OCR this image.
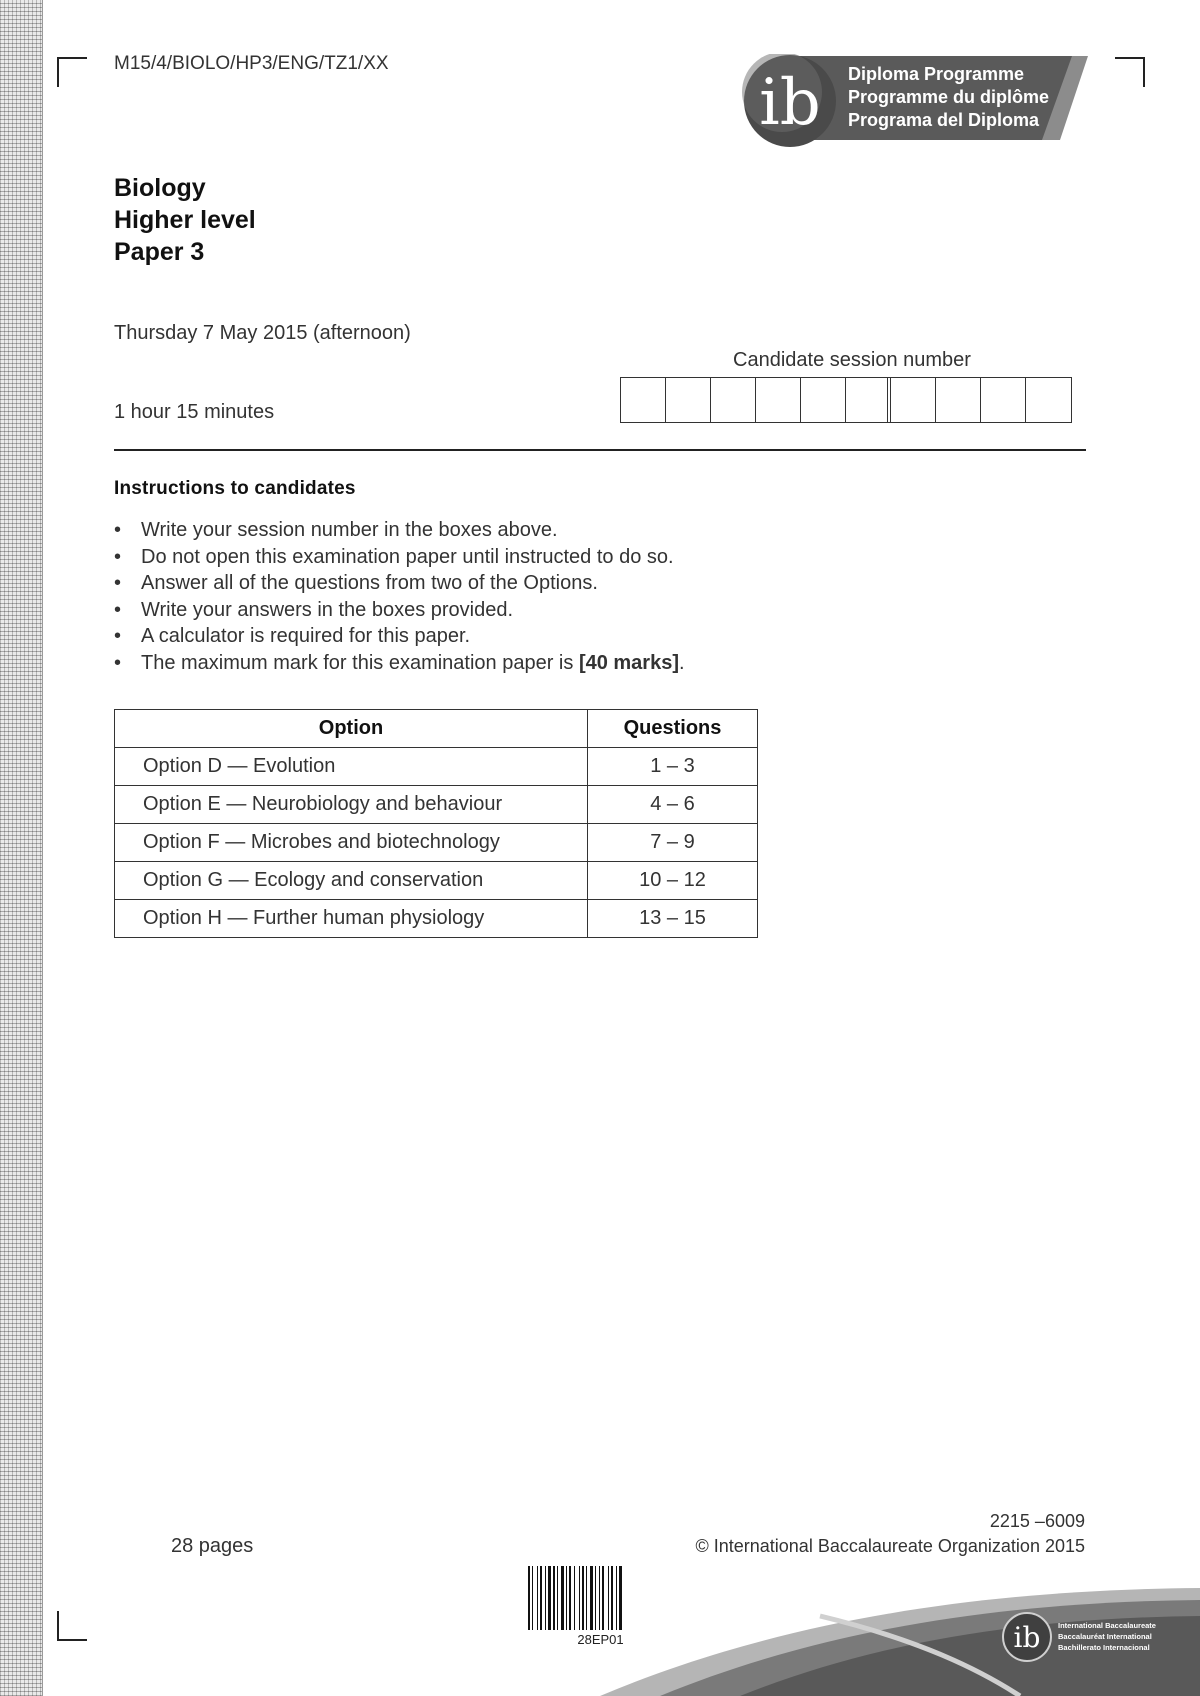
M15/4/BIOLO/HP3/ENG/TZ1/XX
ib Diploma Programme
Programme du diplôme
Programa del Diploma
Biology
Higher level
Paper 3
Thursday 7 May 2015 (afternoon)
1 hour 15 minutes
Candidate session number
Instructions to candidates
• Write your session number in the boxes above.
• Do not open this examination paper until instructed to do so.
• Answer all of the questions from two of the Options.
• Write your answers in the boxes provided.
• A calculator is required for this paper.
• The maximum mark for this examination paper is [40 marks].
Option	Questions
Option D — Evolution	1 – 3
Option E — Neurobiology and behaviour	4 – 6
Option F — Microbes and biotechnology	7 – 9
Option G — Ecology and conservation	10 – 12
Option H — Further human physiology	13 – 15
28 pages
2215 –6009
© International Baccalaureate Organization 2015
28EP01	ib International Baccalaureate
Baccalauréat International
Bachillerato Internacional
